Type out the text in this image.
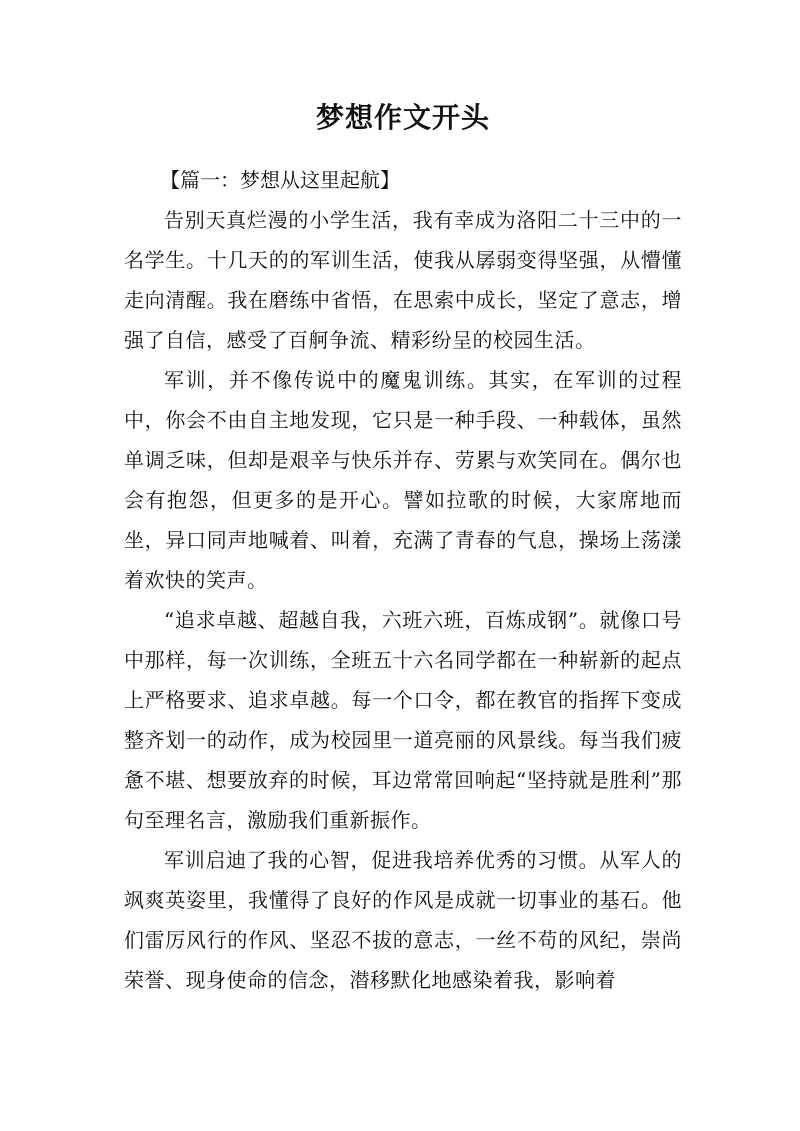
梦想作文开头

【篇一：梦想从这里起航】

告别天真烂漫的小学生活，我有幸成为洛阳二十三中的一名学生。十几天的的军训生活，使我从孱弱变得坚强，从懵懂走向清醒。我在磨练中省悟，在思索中成长，坚定了意志，增强了自信，感受了百舸争流、精彩纷呈的校园生活。

军训，并不像传说中的魔鬼训练。其实，在军训的过程中，你会不由自主地发现，它只是一种手段、一种载体，虽然单调乏味，但却是艰辛与快乐并存、劳累与欢笑同在。偶尔也会有抱怨，但更多的是开心。譬如拉歌的时候，大家席地而坐，异口同声地喊着、叫着，充满了青春的气息，操场上荡漾着欢快的笑声。

“追求卓越、超越自我，六班六班，百炼成钢”。就像口号中那样，每一次训练，全班五十六名同学都在一种崭新的起点上严格要求、追求卓越。每一个口令，都在教官的指挥下变成整齐划一的动作，成为校园里一道亮丽的风景线。每当我们疲惫不堪、想要放弃的时候，耳边常常回响起“坚持就是胜利”那句至理名言，激励我们重新振作。

军训启迪了我的心智，促进我培养优秀的习惯。从军人的飒爽英姿里，我懂得了良好的作风是成就一切事业的基石。他们雷厉风行的作风、坚忍不拔的意志，一丝不苟的风纪，崇尚荣誉、现身使命的信念，潜移默化地感染着我，影响着
